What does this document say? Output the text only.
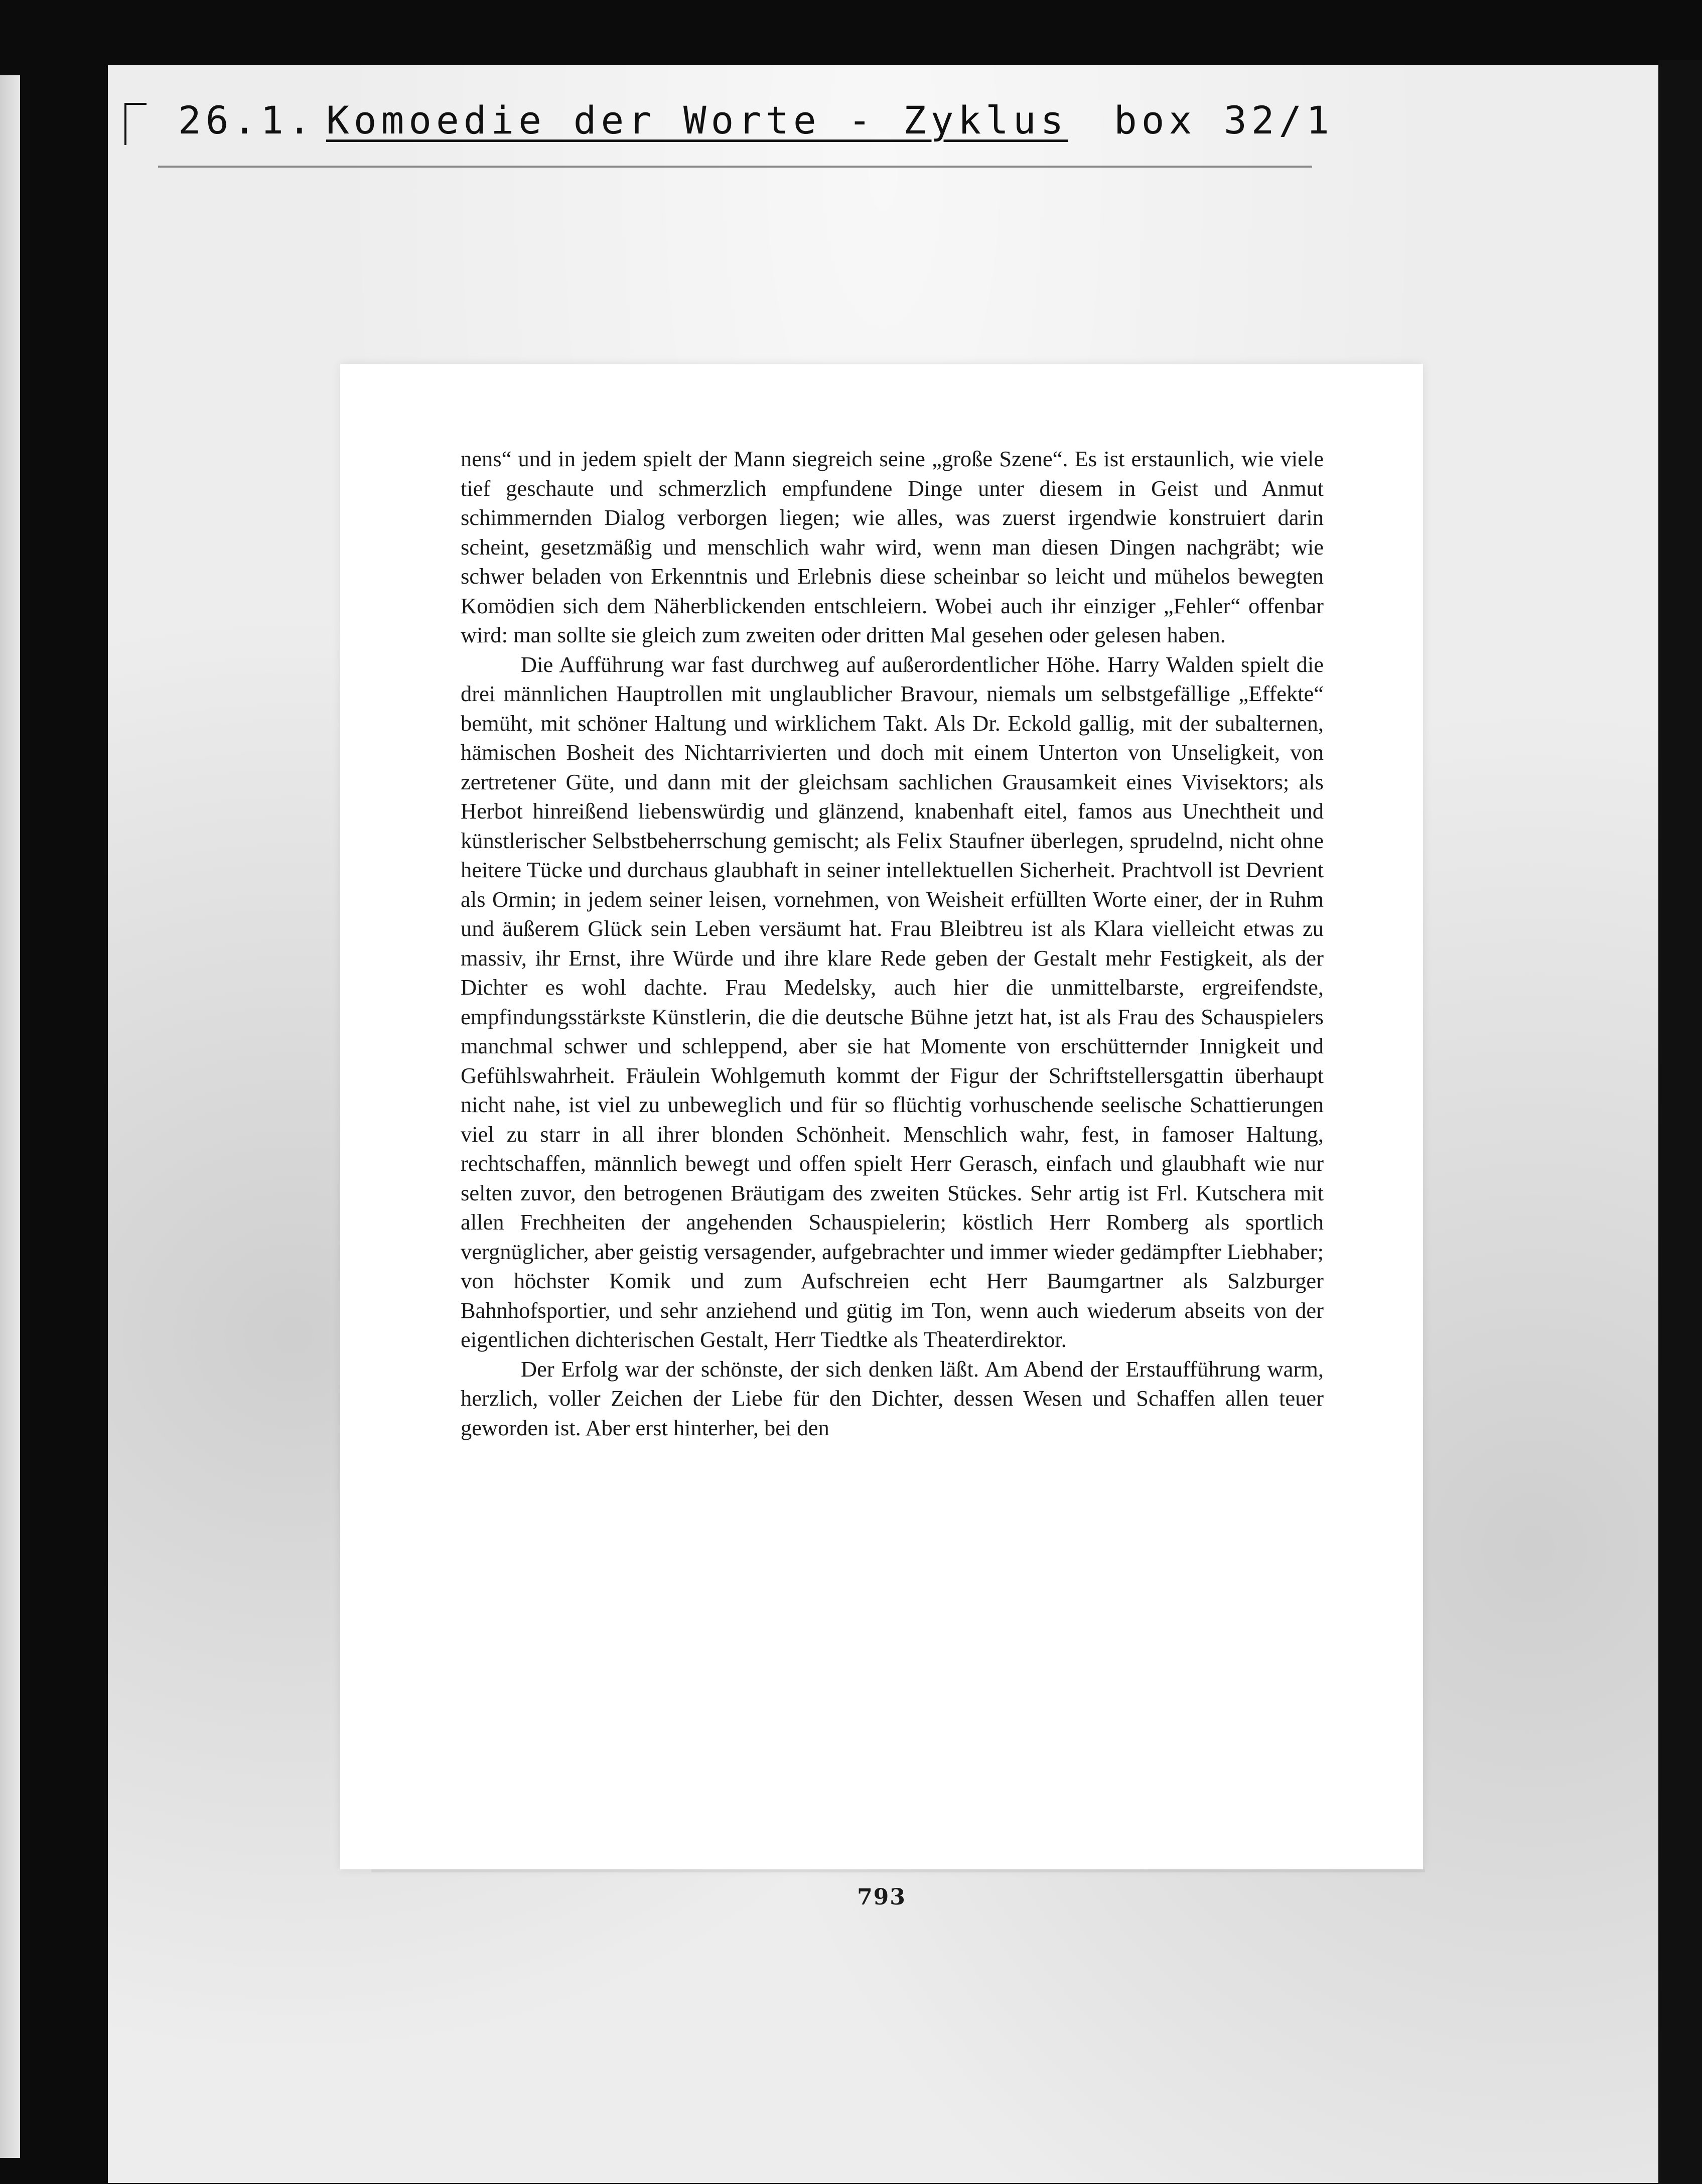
26.1. Komoedie der Worte - Zyklus box 32/1

nens“ und in jedem spielt der Mann siegreich seine „große Szene“. Es ist erstaunlich, wie viele tief geschaute und schmerzlich empfundene Dinge unter diesem in Geist und Anmut schimmernden Dialog verborgen liegen; wie alles, was zuerst irgendwie konstruiert darin scheint, gesetzmäßig und menschlich wahr wird, wenn man diesen Dingen nachgräbt; wie schwer beladen von Erkenntnis und Erlebnis diese scheinbar so leicht und mühelos bewegten Komödien sich dem Näherblickenden entschleiern. Wobei auch ihr einziger „Fehler“ offenbar wird: man sollte sie gleich zum zweiten oder dritten Mal gesehen oder gelesen haben.

Die Aufführung war fast durchweg auf außerordentlicher Höhe. Harry Walden spielt die drei männlichen Hauptrollen mit unglaublicher Bravour, niemals um selbstgefällige „Effekte“ bemüht, mit schöner Haltung und wirklichem Takt. Als Dr. Eckold gallig, mit der subalternen, hämischen Bosheit des Nichtarrivierten und doch mit einem Unterton von Unseligkeit, von zertretener Güte, und dann mit der gleichsam sachlichen Grausamkeit eines Vivisektors; als Herbot hinreißend liebenswürdig und glänzend, knabenhaft eitel, famos aus Unechtheit und künstlerischer Selbstbeherrschung gemischt; als Felix Staufner überlegen, sprudelnd, nicht ohne heitere Tücke und durchaus glaubhaft in seiner intellektuellen Sicherheit. Prachtvoll ist Devrient als Ormin; in jedem seiner leisen, vornehmen, von Weisheit erfüllten Worte einer, der in Ruhm und äußerem Glück sein Leben versäumt hat. Frau Bleibtreu ist als Klara vielleicht etwas zu massiv, ihr Ernst, ihre Würde und ihre klare Rede geben der Gestalt mehr Festigkeit, als der Dichter es wohl dachte. Frau Medelsky, auch hier die unmittelbarste, ergreifendste, empfindungsstärkste Künstlerin, die die deutsche Bühne jetzt hat, ist als Frau des Schauspielers manchmal schwer und schleppend, aber sie hat Momente von erschütternder Innigkeit und Gefühlswahrheit. Fräulein Wohlgemuth kommt der Figur der Schriftstellersgattin überhaupt nicht nahe, ist viel zu unbeweglich und für so flüchtig vorhuschende seelische Schattierungen viel zu starr in all ihrer blonden Schönheit. Menschlich wahr, fest, in famoser Haltung, rechtschaffen, männlich bewegt und offen spielt Herr Gerasch, einfach und glaubhaft wie nur selten zuvor, den betrogenen Bräutigam des zweiten Stückes. Sehr artig ist Frl. Kutschera mit allen Frechheiten der angehenden Schauspielerin; köstlich Herr Romberg als sportlich vergnüglicher, aber geistig versagender, aufgebrachter und immer wieder gedämpfter Liebhaber; von höchster Komik und zum Aufschreien echt Herr Baumgartner als Salzburger Bahnhofsportier, und sehr anziehend und gütig im Ton, wenn auch wiederum abseits von der eigentlichen dichterischen Gestalt, Herr Tiedtke als Theaterdirektor.

Der Erfolg war der schönste, der sich denken läßt. Am Abend der Erstaufführung warm, herzlich, voller Zeichen der Liebe für den Dichter, dessen Wesen und Schaffen allen teuer geworden ist. Aber erst hinterher, bei den

793
